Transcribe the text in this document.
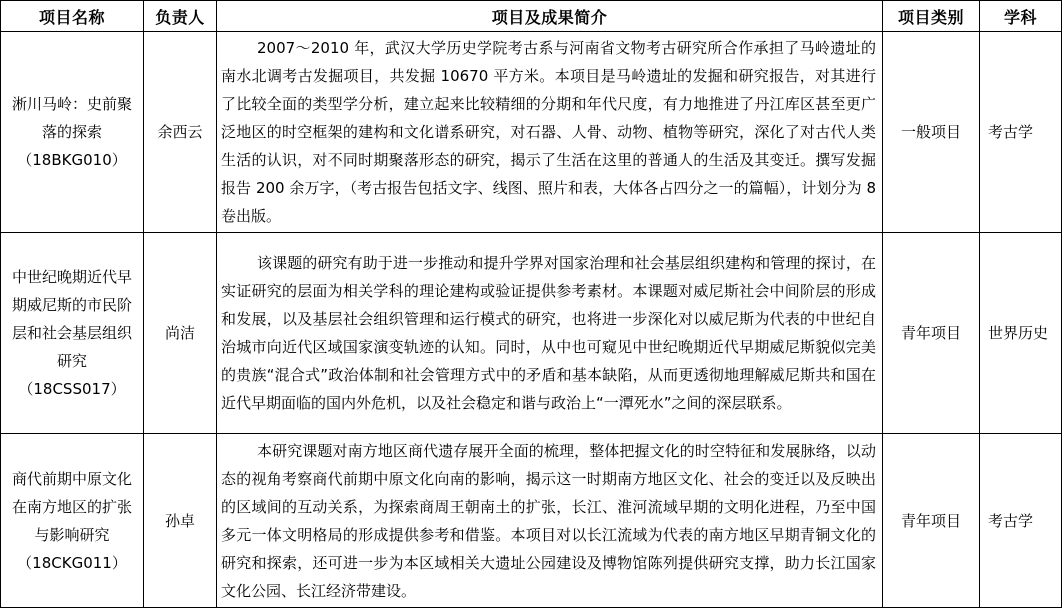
项目名称	负责人	项目及成果简介	项目类别	学科
淅川马岭：史前聚落的探索
（18BKG010）	余西云	2007～2010 年，武汉大学历史学院考古系与河南省文物考古研究所合作承担了马岭遗址的南水北调考古发掘项目，共发掘 10670 平方米。本项目是马岭遗址的发掘和研究报告，对其进行了比较全面的类型学分析，建立起来比较精细的分期和年代尺度，有力地推进了丹江库区甚至更广泛地区的时空框架的建构和文化谱系研究，对石器、人骨、动物、植物等研究，深化了对古代人类生活的认识，对不同时期聚落形态的研究，揭示了生活在这里的普通人的生活及其变迁。撰写发掘报告 200 余万字，（考古报告包括文字、线图、照片和表，大体各占四分之一的篇幅），计划分为 8 卷出版。	一般项目	考古学
中世纪晚期近代早期威尼斯的市民阶层和社会基层组织研究
（18CSS017）	尚洁	该课题的研究有助于进一步推动和提升学界对国家治理和社会基层组织建构和管理的探讨，在实证研究的层面为相关学科的理论建构或验证提供参考素材。本课题对威尼斯社会中间阶层的形成和发展，以及基层社会组织管理和运行模式的研究，也将进一步深化对以威尼斯为代表的中世纪自治城市向近代区域国家演变轨迹的认知。同时，从中也可窥见中世纪晚期近代早期威尼斯貌似完美的贵族“混合式”政治体制和社会管理方式中的矛盾和基本缺陷，从而更透彻地理解威尼斯共和国在近代早期面临的国内外危机，以及社会稳定和谐与政治上“一潭死水”之间的深层联系。	青年项目	世界历史
商代前期中原文化在南方地区的扩张与影响研究
（18CKG011）	孙卓	本研究课题对南方地区商代遗存展开全面的梳理，整体把握文化的时空特征和发展脉络，以动态的视角考察商代前期中原文化向南的影响，揭示这一时期南方地区文化、社会的变迁以及反映出的区域间的互动关系，为探索商周王朝南土的扩张，长江、淮河流域早期的文明化进程，乃至中国多元一体文明格局的形成提供参考和借鉴。本项目对以长江流域为代表的南方地区早期青铜文化的研究和探索，还可进一步为本区域相关大遗址公园建设及博物馆陈列提供研究支撑，助力长江国家文化公园、长江经济带建设。	青年项目	考古学
